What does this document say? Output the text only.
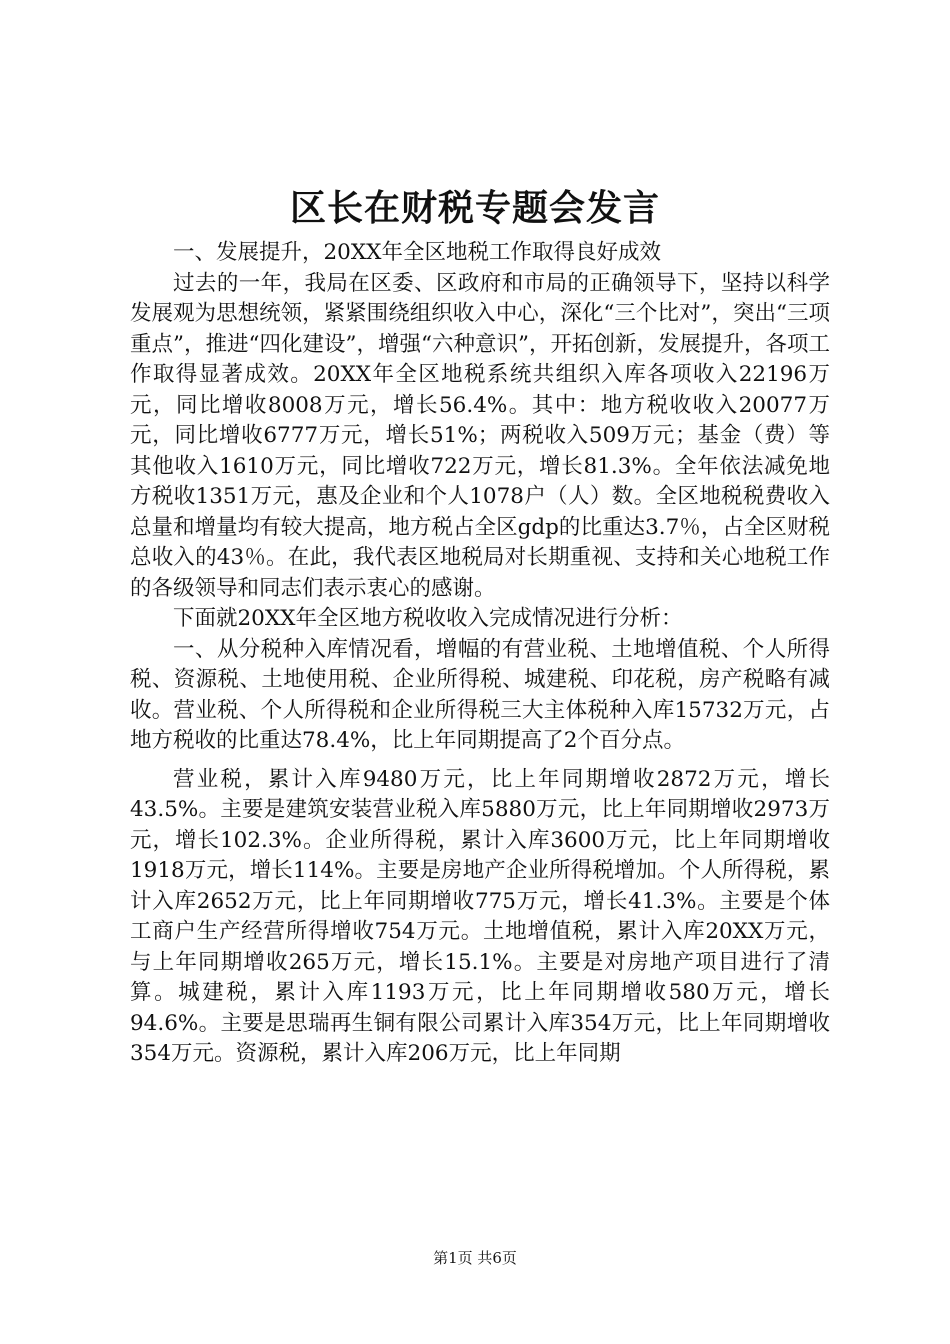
区长在财税专题会发言

一、发展提升，20XX年全区地税工作取得良好成效

过去的一年，我局在区委、区政府和市局的正确领导下，坚持以科学发展观为思想统领，紧紧围绕组织收入中心，深化“三个比对”，突出“三项重点”，推进“四化建设”，增强“六种意识”，开拓创新，发展提升，各项工作取得显著成效。20XX年全区地税系统共组织入库各项收入22196万元，同比增收8008万元，增长56.4%。其中：地方税收收入20077万元，同比增收6777万元，增长51%；两税收入509万元；基金（费）等其他收入1610万元，同比增收722万元，增长81.3%。全年依法减免地方税收1351万元，惠及企业和个人1078户（人）数。全区地税税费收入总量和增量均有较大提高，地方税占全区gdp的比重达3.7％，占全区财税总收入的43％。在此，我代表区地税局对长期重视、支持和关心地税工作的各级领导和同志们表示衷心的感谢。

下面就20XX年全区地方税收收入完成情况进行分析：

一、从分税种入库情况看，增幅的有营业税、土地增值税、个人所得税、资源税、土地使用税、企业所得税、城建税、印花税，房产税略有减收。营业税、个人所得税和企业所得税三大主体税种入库15732万元，占地方税收的比重达78.4%，比上年同期提高了2个百分点。

营业税，累计入库9480万元，比上年同期增收2872万元，增长43.5%。主要是建筑安装营业税入库5880万元，比上年同期增收2973万元，增长102.3%。企业所得税，累计入库3600万元，比上年同期增收1918万元，增长114%。主要是房地产企业所得税增加。个人所得税，累计入库2652万元，比上年同期增收775万元，增长41.3%。主要是个体工商户生产经营所得增收754万元。土地增值税，累计入库20XX万元，与上年同期增收265万元，增长15.1%。主要是对房地产项目进行了清算。城建税，累计入库1193万元，比上年同期增收580万元，增长94.6%。主要是思瑞再生铜有限公司累计入库354万元，比上年同期增收354万元。资源税，累计入库206万元，比上年同期

第1页 共6页
